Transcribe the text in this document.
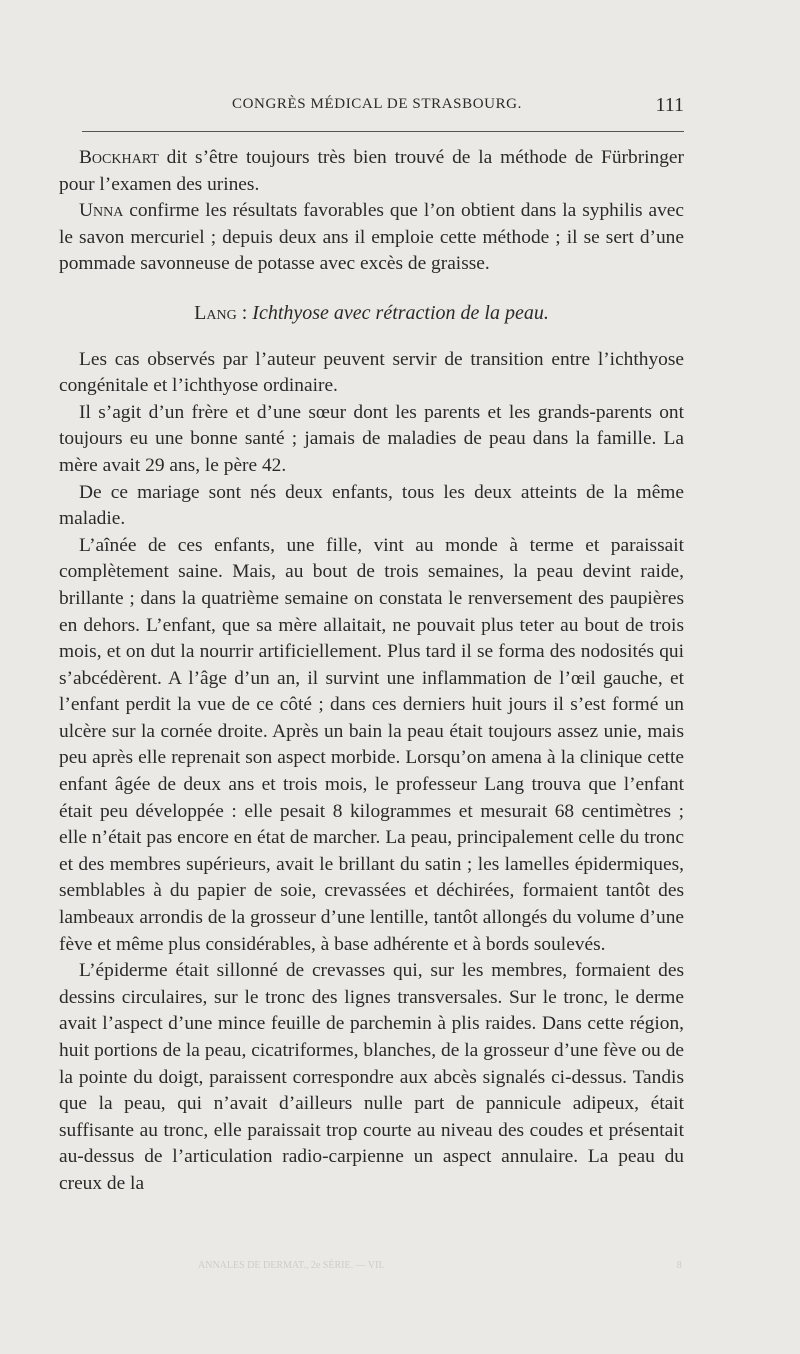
CONGRÈS MÉDICAL DE STRASBOURG.	111

Bockhart dit s’être toujours très bien trouvé de la méthode de Fürbringer pour l’examen des urines.

Unna confirme les résultats favorables que l’on obtient dans la syphilis avec le savon mercuriel ; depuis deux ans il emploie cette méthode ; il se sert d’une pommade savonneuse de potasse avec excès de graisse.

Lang : Ichthyose avec rétraction de la peau.

Les cas observés par l’auteur peuvent servir de transition entre l’ichthyose congénitale et l’ichthyose ordinaire.

Il s’agit d’un frère et d’une sœur dont les parents et les grands-parents ont toujours eu une bonne santé ; jamais de maladies de peau dans la famille. La mère avait 29 ans, le père 42.

De ce mariage sont nés deux enfants, tous les deux atteints de la même maladie.

L’aînée de ces enfants, une fille, vint au monde à terme et paraissait complètement saine. Mais, au bout de trois semaines, la peau devint raide, brillante ; dans la quatrième semaine on constata le renversement des paupières en dehors. L’enfant, que sa mère allaitait, ne pouvait plus teter au bout de trois mois, et on dut la nourrir artificiellement. Plus tard il se forma des nodosités qui s’abcédèrent. A l’âge d’un an, il survint une inflammation de l’œil gauche, et l’enfant perdit la vue de ce côté ; dans ces derniers huit jours il s’est formé un ulcère sur la cornée droite. Après un bain la peau était toujours assez unie, mais peu après elle reprenait son aspect morbide. Lorsqu’on amena à la clinique cette enfant âgée de deux ans et trois mois, le professeur Lang trouva que l’enfant était peu développée : elle pesait 8 kilogrammes et mesurait 68 centimètres ; elle n’était pas encore en état de marcher. La peau, principalement celle du tronc et des membres supérieurs, avait le brillant du satin ; les lamelles épidermiques, semblables à du papier de soie, crevassées et déchirées, formaient tantôt des lambeaux arrondis de la grosseur d’une lentille, tantôt allongés du volume d’une fève et même plus considérables, à base adhérente et à bords soulevés.

L’épiderme était sillonné de crevasses qui, sur les membres, formaient des dessins circulaires, sur le tronc des lignes transversales. Sur le tronc, le derme avait l’aspect d’une mince feuille de parchemin à plis raides. Dans cette région, huit portions de la peau, cicatriformes, blanches, de la grosseur d’une fève ou de la pointe du doigt, paraissent correspondre aux abcès signalés ci-dessus. Tandis que la peau, qui n’avait d’ailleurs nulle part de pannicule adipeux, était suffisante au tronc, elle paraissait trop courte au niveau des coudes et présentait au-dessus de l’articulation radio-carpienne un aspect annulaire. La peau du creux de la

ANNALES DE DERMAT., 2e SÉRIE. — VII.	8
